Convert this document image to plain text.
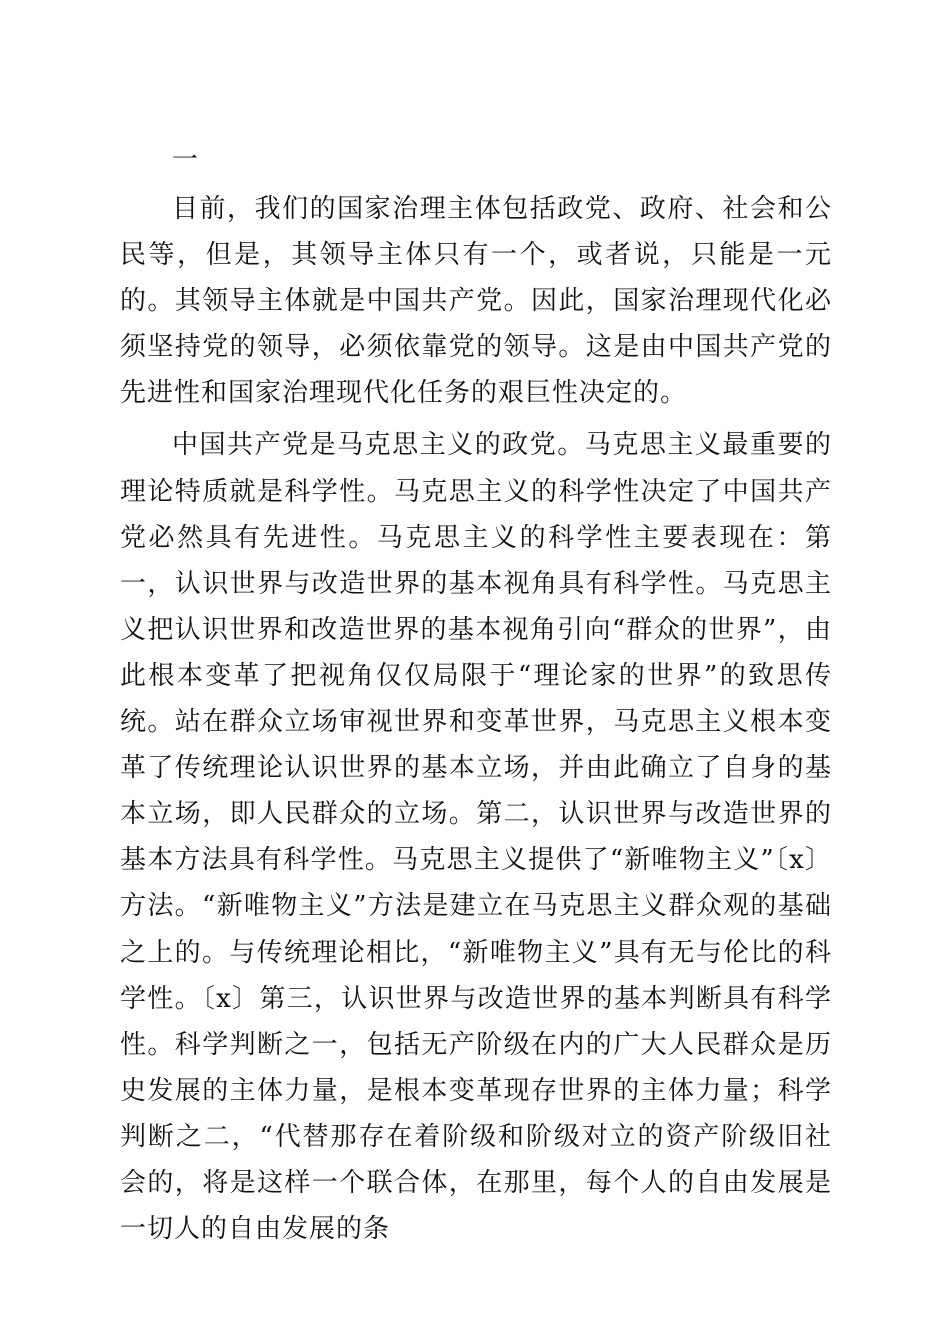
一

目前，我们的国家治理主体包括政党、政府、社会和公民等，但是，其领导主体只有一个，或者说，只能是一元的。其领导主体就是中国共产党。因此，国家治理现代化必须坚持党的领导，必须依靠党的领导。这是由中国共产党的先进性和国家治理现代化任务的艰巨性决定的。

中国共产党是马克思主义的政党。马克思主义最重要的理论特质就是科学性。马克思主义的科学性决定了中国共产党必然具有先进性。马克思主义的科学性主要表现在：第一，认识世界与改造世界的基本视角具有科学性。马克思主义把认识世界和改造世界的基本视角引向“群众的世界”，由此根本变革了把视角仅仅局限于“理论家的世界”的致思传统。站在群众立场审视世界和变革世界，马克思主义根本变革了传统理论认识世界的基本立场，并由此确立了自身的基本立场，即人民群众的立场。第二，认识世界与改造世界的基本方法具有科学性。马克思主义提供了“新唯物主义”〔x〕方法。“新唯物主义”方法是建立在马克思主义群众观的基础之上的。与传统理论相比，“新唯物主义”具有无与伦比的科学性。〔x〕第三，认识世界与改造世界的基本判断具有科学性。科学判断之一，包括无产阶级在内的广大人民群众是历史发展的主体力量，是根本变革现存世界的主体力量；科学判断之二，“代替那存在着阶级和阶级对立的资产阶级旧社会的，将是这样一个联合体，在那里，每个人的自由发展是一切人的自由发展的条
